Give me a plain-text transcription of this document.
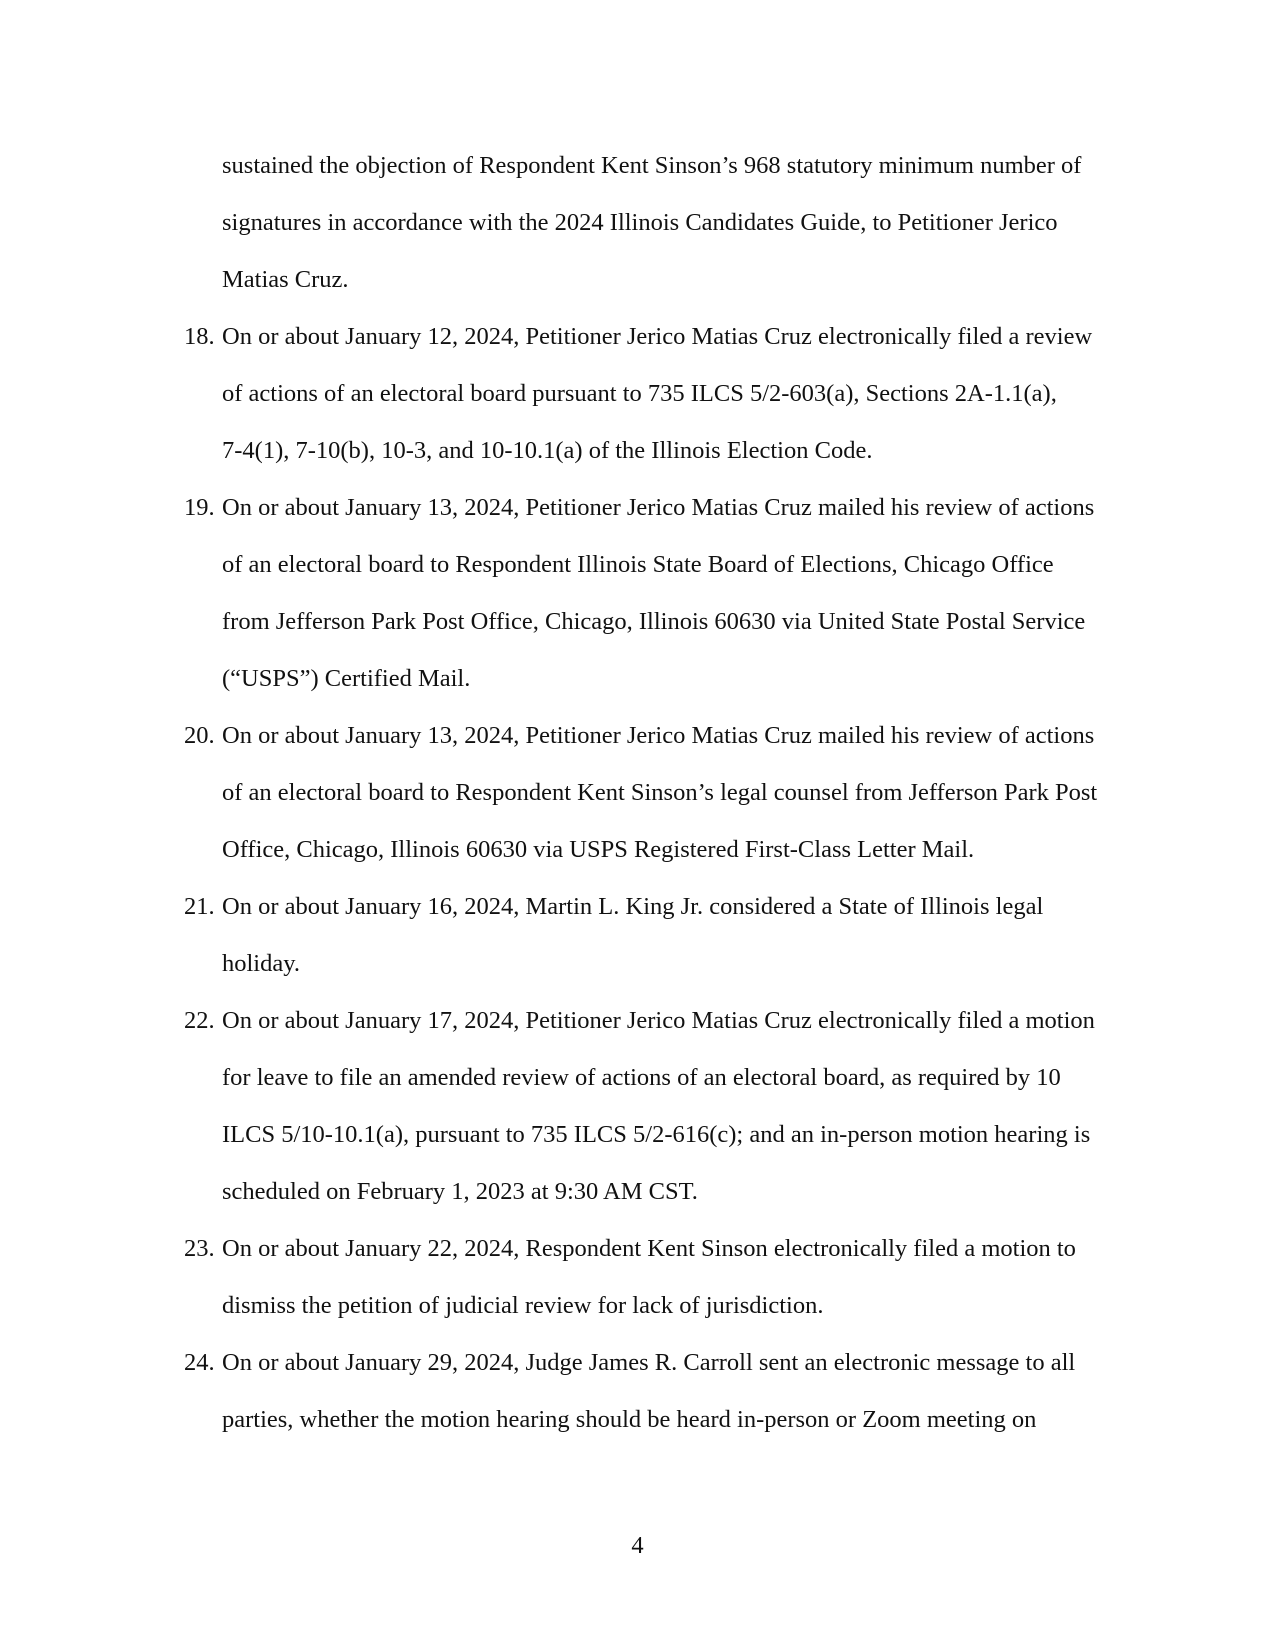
sustained the objection of Respondent Kent Sinson’s 968 statutory minimum number of
signatures in accordance with the 2024 Illinois Candidates Guide, to Petitioner Jerico
Matias Cruz.

18. On or about January 12, 2024, Petitioner Jerico Matias Cruz electronically filed a review
of actions of an electoral board pursuant to 735 ILCS 5/2-603(a), Sections 2A-1.1(a),
7-4(1), 7-10(b), 10-3, and 10-10.1(a) of the Illinois Election Code.
19. On or about January 13, 2024, Petitioner Jerico Matias Cruz mailed his review of actions
of an electoral board to Respondent Illinois State Board of Elections, Chicago Office
from Jefferson Park Post Office, Chicago, Illinois 60630 via United State Postal Service
(“USPS”) Certified Mail.
20. On or about January 13, 2024, Petitioner Jerico Matias Cruz mailed his review of actions
of an electoral board to Respondent Kent Sinson’s legal counsel from Jefferson Park Post
Office, Chicago, Illinois 60630 via USPS Registered First-Class Letter Mail.
21. On or about January 16, 2024, Martin L. King Jr. considered a State of Illinois legal
holiday.
22. On or about January 17, 2024, Petitioner Jerico Matias Cruz electronically filed a motion
for leave to file an amended review of actions of an electoral board, as required by 10
ILCS 5/10-10.1(a), pursuant to 735 ILCS 5/2-616(c); and an in-person motion hearing is
scheduled on February 1, 2023 at 9:30 AM CST.
23. On or about January 22, 2024, Respondent Kent Sinson electronically filed a motion to
dismiss the petition of judicial review for lack of jurisdiction.
24. On or about January 29, 2024, Judge James R. Carroll sent an electronic message to all
parties, whether the motion hearing should be heard in-person or Zoom meeting on
4
